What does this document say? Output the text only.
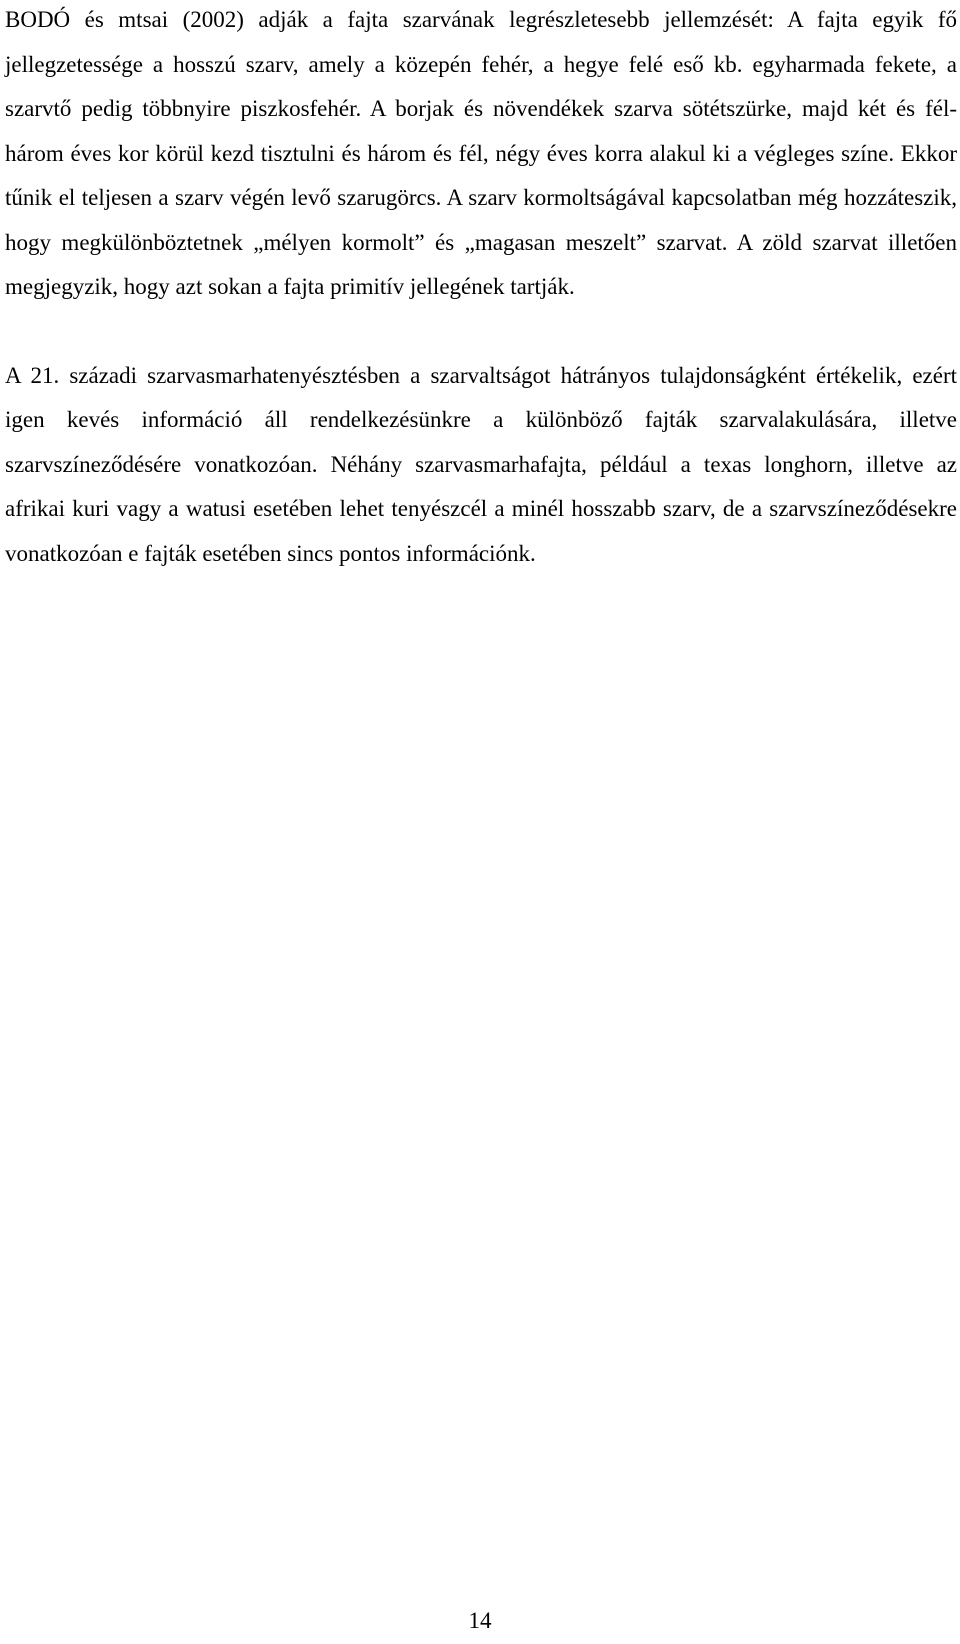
BODÓ és mtsai (2002) adják a fajta szarvának legrészletesebb jellemzését: A fajta egyik fő jellegzetessége a hosszú szarv, amely a közepén fehér, a hegye felé eső kb. egyharmada fekete, a szarvtő pedig többnyire piszkosfehér. A borjak és növendékek szarva sötétszürke, majd két és fél-három éves kor körül kezd tisztulni és három és fél, négy éves korra alakul ki a végleges színe. Ekkor tűnik el teljesen a szarv végén levő szarugörcs. A szarv kormoltságával kapcsolatban még hozzáteszik, hogy megkülönböztetnek „mélyen kormolt” és „magasan meszelt” szarvat. A zöld szarvat illetően megjegyzik, hogy azt sokan a fajta primitív jellegének tartják.

A 21. századi szarvasmarhatenyésztésben a szarvaltságot hátrányos tulajdonságként értékelik, ezért igen kevés információ áll rendelkezésünkre a különböző fajták szarvalakulására, illetve szarvszíneződésére vonatkozóan. Néhány szarvasmarhafajta, például a texas longhorn, illetve az afrikai kuri vagy a watusi esetében lehet tenyészcél a minél hosszabb szarv, de a szarvszíneződésekre vonatkozóan e fajták esetében sincs pontos információnk.

14
